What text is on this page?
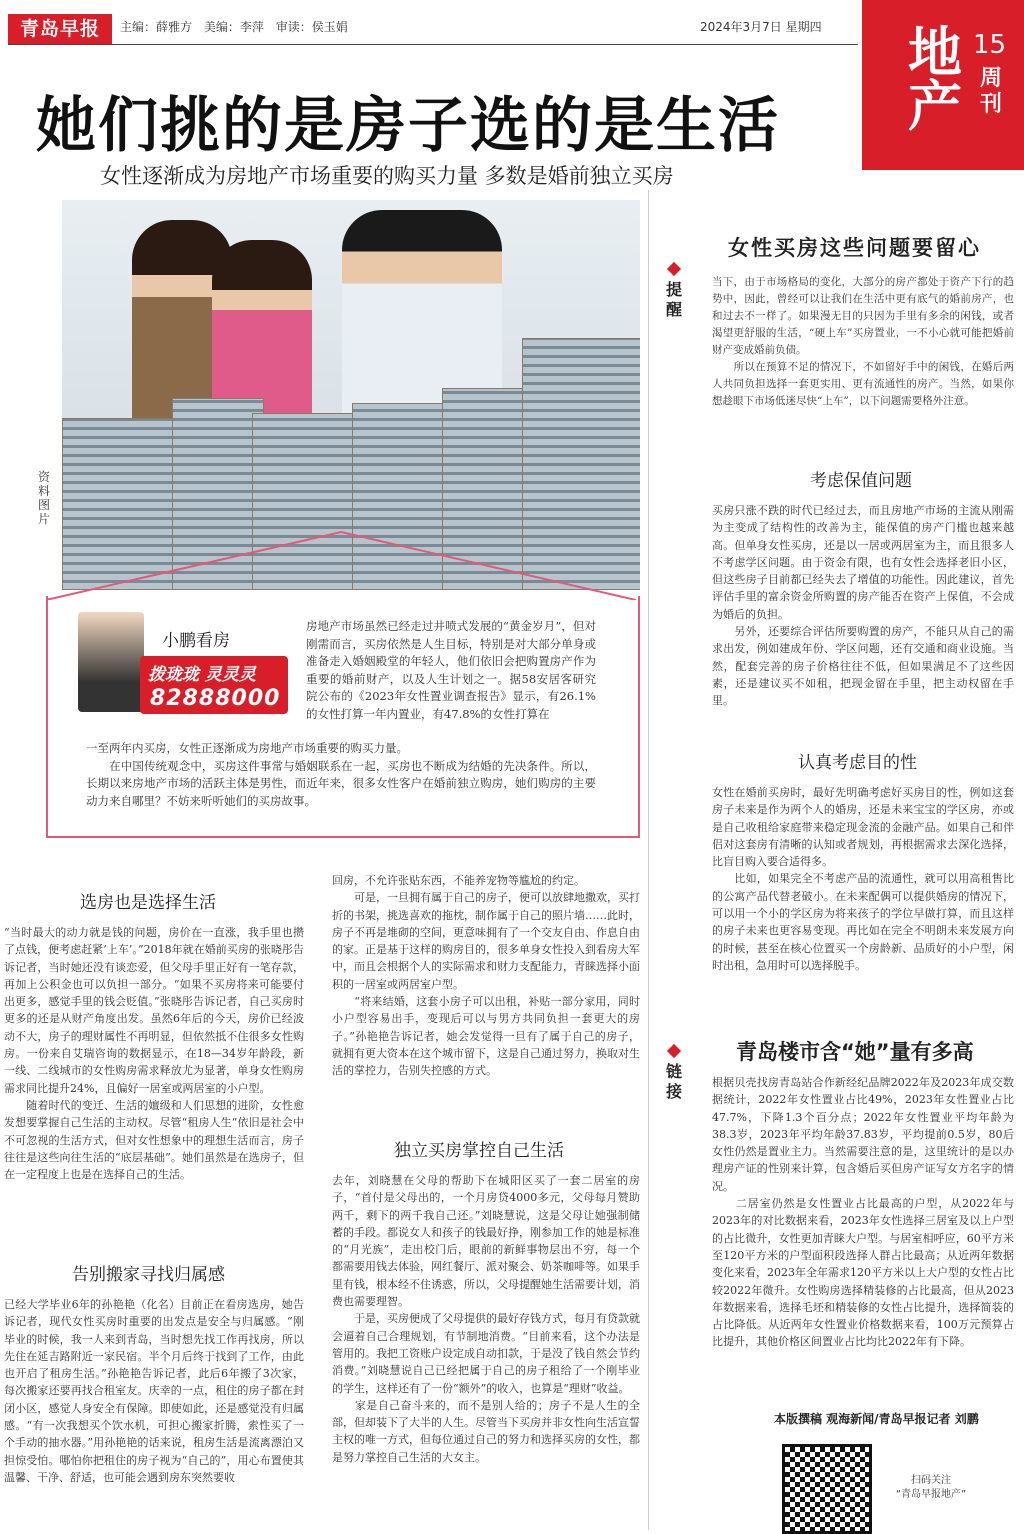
青岛早报	主编：薛雅方 美编：李萍 审读：侯玉娟	2024年3月7日 星期四 地产
15
周刊
她们挑的是房子选的是生活
女性逐渐成为房地产市场重要的购买力量 多数是婚前独立买房
资料图片
小鹏看房
拨珑珑 灵灵灵
82888000
房地产市场虽然已经走过井喷式发展的“黄金岁月”，但对刚需而言，买房依然是人生目标，特别是对大部分单身或准备走入婚姻殿堂的年轻人，他们依旧会把购置房产作为重要的婚前财产，以及人生计划之一。据58安居客研究院公布的《2023年女性置业调查报告》显示，有26.1%的女性打算一年内置业，有47.8%的女性打算在
一至两年内买房，女性正逐渐成为房地产市场重要的购买力量。
　　在中国传统观念中，买房这件事常与婚姻联系在一起，买房也不断成为结婚的先决条件。所以，长期以来房地产市场的活跃主体是男性，而近年来，很多女性客户在婚前独立购房，她们购房的主要动力来自哪里？不妨来听听她们的买房故事。
提醒
女性买房这些问题要留心
当下，由于市场格局的变化，大部分的房产都处于资产下行的趋势中，因此，曾经可以让我们在生活中更有底气的婚前房产，也和过去不一样了。如果漫无目的只因为手里有多余的闲钱，或者渴望更舒服的生活，“硬上车”买房置业，一不小心就可能把婚前财产变成婚前负债。
　　所以在预算不足的情况下，不如留好手中的闲钱，在婚后两人共同负担选择一套更实用、更有流通性的房产。当然，如果你想趁眼下市场低迷尽快“上车”，以下问题需要格外注意。
考虑保值问题
买房只涨不跌的时代已经过去，而且房地产市场的主流从刚需为主变成了结构性的改善为主，能保值的房产门槛也越来越高。但单身女性买房，还是以一居或两居室为主，而且很多人不考虑学区问题。由于资金有限，也有女性会选择老旧小区，但这些房子目前都已经失去了增值的功能性。因此建议，首先评估手里的富余资金所购置的房产能否在资产上保值，不会成为婚后的负担。
　　另外，还要综合评估所要购置的房产，不能只从自己的需求出发，例如建成年份、学区问题，还有交通和商业设施。当然，配套完善的房子价格往往不低，但如果满足不了这些因素，还是建议买不如租，把现金留在手里，把主动权留在手里。
认真考虑目的性
女性在婚前买房时，最好先明确考虑好买房目的性，例如这套房子未来是作为两个人的婚房，还是未来宝宝的学区房，亦或是自己收租给家庭带来稳定现金流的金融产品。如果自己和伴侣对这套房有清晰的认知或者规划，再根据需求去深化选择，比盲目购入要合适得多。
　　比如，如果完全不考虑产品的流通性，就可以用高租售比的公寓产品代替老破小。在未来配偶可以提供婚房的情况下，可以用一个小的学区房为将来孩子的学位早做打算，而且这样的房子未来也更容易变现。再比如在完全不明朗未来发展方向的时候，甚至在核心位置买一个房龄新、品质好的小户型，闲时出租，急用时可以选择脱手。
链接
青岛楼市含“她”量有多高
根据贝壳找房青岛站合作新经纪品牌2022年及2023年成交数据统计，2022年女性置业占比49%，2023年女性置业占比47.7%，下降1.3个百分点；2022年女性置业平均年龄为38.3岁，2023年平均年龄37.83岁，平均提前0.5岁，80后女性仍然是置业主力。当然需要注意的是，这里统计的是以办理房产证的性别来计算，包含婚后买但房产证写女方名字的情况。
　　二居室仍然是女性置业占比最高的户型，从2022年与2023年的对比数据来看，2023年女性选择三居室及以上户型的占比微升，女性更加青睐大户型。与居室相呼应，60平方米至120平方米的户型面积段选择人群占比最高；从近两年数据变化来看，2023年全年需求120平方米以上大户型的女性占比较2022年微升。女性购房选择精装修的占比最高，但从2023年数据来看，选择毛坯和精装修的女性占比提升，选择简装的占比降低。从近两年女性置业价格数据来看，100万元预算占比提升，其他价格区间置业占比均比2022年有下降。
本版撰稿 观海新闻/青岛早报记者 刘鹏
扫码关注
“青岛早报地产”
选房也是选择生活
“当时最大的动力就是钱的问题，房价在一直涨，我手里也攒了点钱，便考虑赶紧‘上车’。”2018年就在婚前买房的张晓彤告诉记者，当时她还没有谈恋爱，但父母手里正好有一笔存款，再加上公积金也可以负担一部分。“如果不买房将来可能要付出更多，感觉手里的钱会贬值。”张晓彤告诉记者，自己买房时更多的还是从财产角度出发。虽然6年后的今天，房价已经波动不大，房子的理财属性不再明显，但依然抵不住很多女性购房。一份来自艾瑞咨询的数据显示，在18—34岁年龄段，新一线、二线城市的女性购房需求释放尤为显著，单身女性购房需求同比提升24%，且偏好一居室或两居室的小户型。
　　随着时代的变迁、生活的嬗级和人们思想的进阶，女性愈发想要掌握自己生活的主动权。尽管“租房人生”依旧是社会中不可忽视的生活方式，但对女性想象中的理想生活而言，房子往往是这些向往生活的“底层基础”。她们虽然是在选房子，但在一定程度上也是在选择自己的生活。
告别搬家寻找归属感
已经大学毕业6年的孙艳艳（化名）目前正在看房选房，她告诉记者，现代女性买房时重要的出发点是安全与归属感。“刚毕业的时候，我一人来到青岛，当时想先找工作再找房，所以先住在延吉路附近一家民宿。半个月后终于找到了工作，由此也开启了租房生活。”孙艳艳告诉记者，此后6年搬了3次家，每次搬家还要再找合租室友。庆幸的一点，租住的房子都在封闭小区，感觉人身安全有保障。即使如此，还是感觉没有归属感。“有一次我想买个饮水机，可担心搬家折腾，索性买了一个手动的抽水器。”用孙艳艳的话来说，租房生活是流离漂泊又担惊受怕。哪怕你把租住的房子视为“自己的”，用心布置使其温馨、干净、舒适，也可能会遇到房东突然要收
回房，不允许张贴东西，不能养宠物等尴尬的约定。
　　可是，一旦拥有属于自己的房子，便可以放肆地撒欢，买打折的书架，挑选喜欢的拖枕，制作属于自己的照片墙……此时，房子不再是堆砌的空间，更意味拥有了一个交友自由、作息自由的家。正是基于这样的购房目的，很多单身女性投入到看房大军中，而且会根据个人的实际需求和财力支配能力，青睐选择小面积的一居室或两居室户型。
　　“将来结婚，这套小房子可以出租，补贴一部分家用，同时小户型容易出手，变现后可以与男方共同负担一套更大的房子。”孙艳艳告诉记者，她会发觉得一旦有了属于自己的房子，就拥有更大资本在这个城市留下，这是自己通过努力，换取对生活的掌控力，告别失控感的方式。
独立买房掌控自己生活
去年，刘晓慧在父母的帮助下在城阳区买了一套二居室的房子，“首付是父母出的，一个月房贷4000多元，父母每月赞助两千，剩下的两千我自己还。”刘晓慧说，这是父母让她强制储蓄的手段。都说女人和孩子的钱最好挣，刚参加工作的她是标准的“月光族”，走出校门后，眼前的新鲜事物层出不穷，每一个都需要用钱去体验，网红餐厅、派对聚会、奶茶咖啡等。如果手里有钱，根本经不住诱惑，所以，父母提醒她生活需要计划，消费也需要理智。
　　于是，买房便成了父母提供的最好存钱方式，每月有贷款就会逼着自己合理规划，有节制地消费。“目前来看，这个办法是管用的。我把工资账户设定成自动扣款，于是没了钱自然会节约消费。”刘晓慧说自己已经把属于自己的房子租给了一个刚毕业的学生，这样还有了一份“额外”的收入，也算是“理财”收益。
　　家是自己奋斗来的，而不是别人给的；房子不是人生的全部，但却装下了大半的人生。尽管当下买房并非女性向生活宣誓主权的唯一方式，但每位通过自己的努力和选择买房的女性，都是努力掌控自己生活的大女主。
